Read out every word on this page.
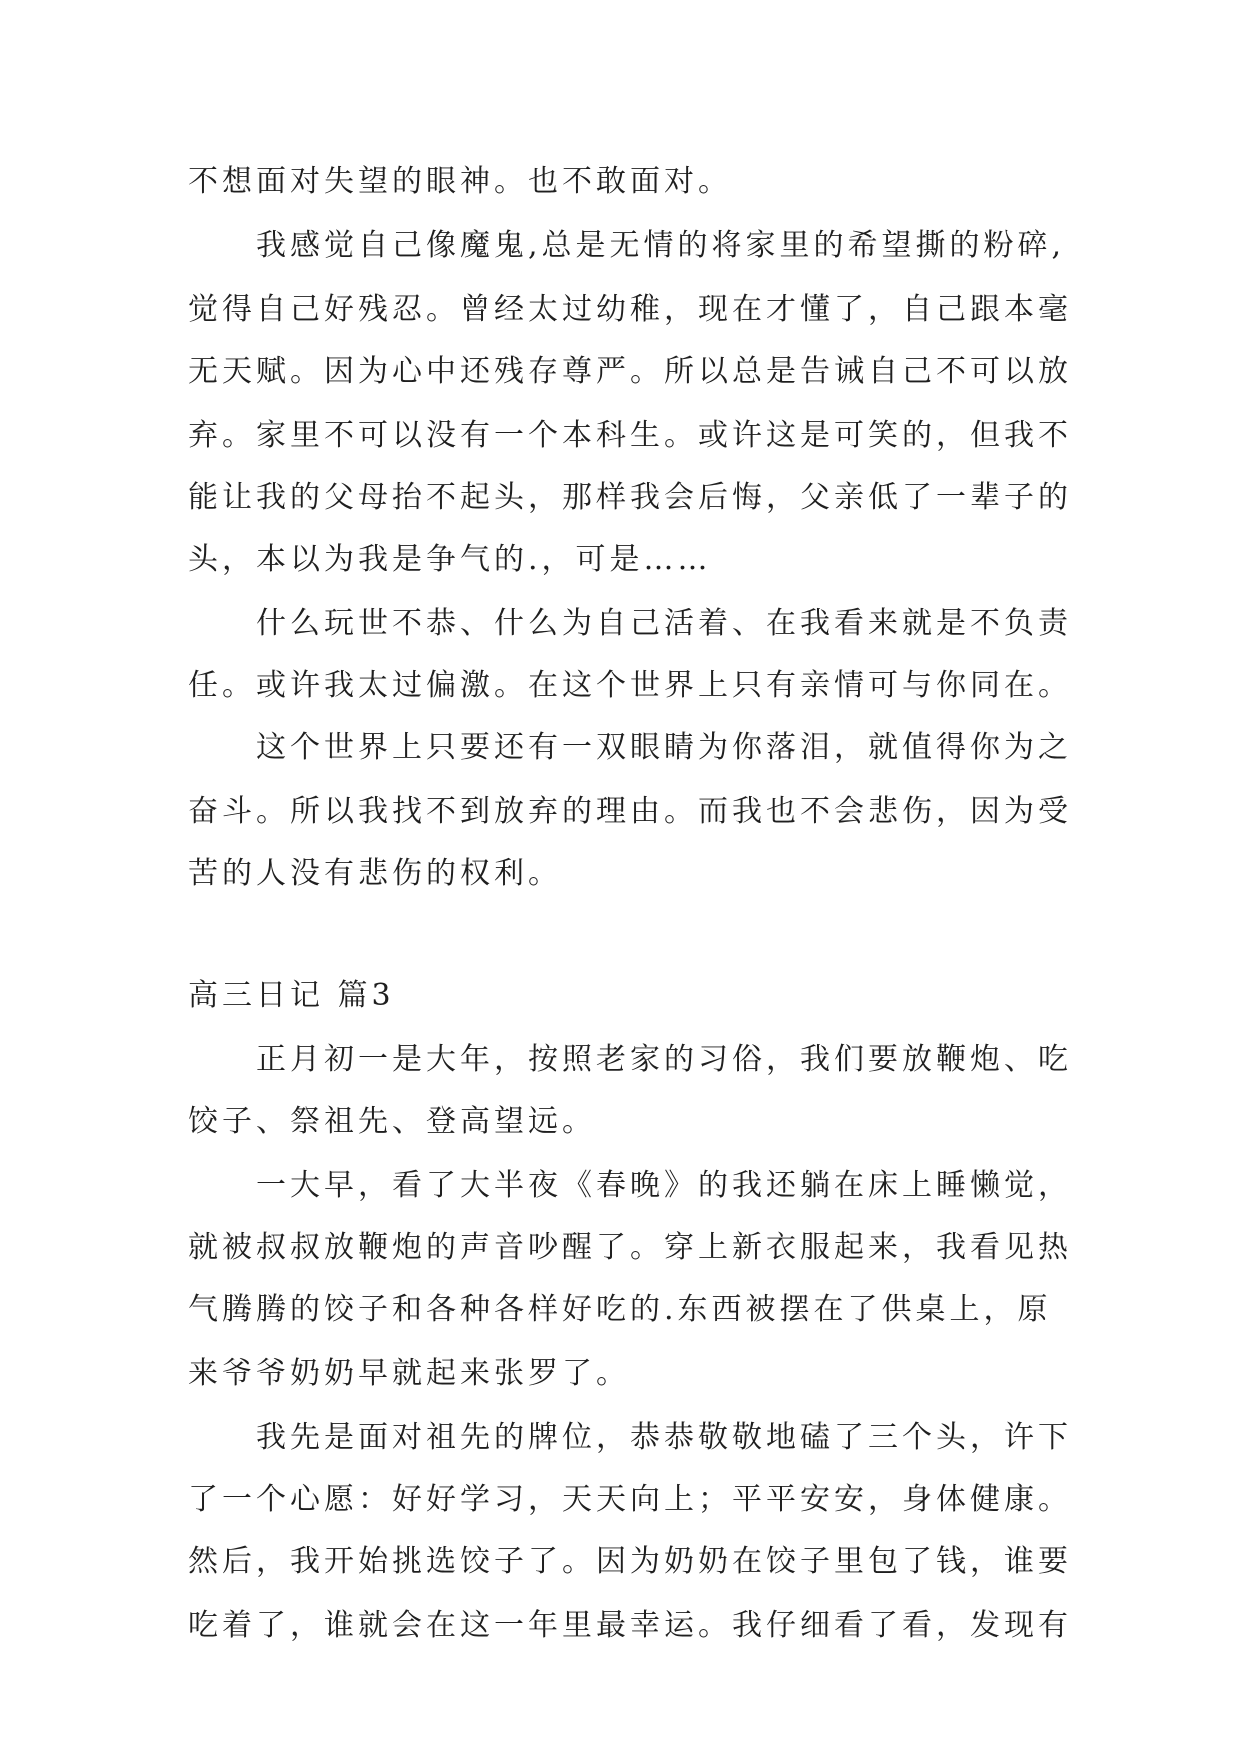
不想面对失望的眼神。也不敢面对。
我感觉自己像魔鬼,总是无情的将家里的希望撕的粉碎,
觉得自己好残忍。曾经太过幼稚，现在才懂了，自己跟本毫
无天赋。因为心中还残存尊严。所以总是告诫自己不可以放
弃。家里不可以没有一个本科生。或许这是可笑的，但我不
能让我的父母抬不起头，那样我会后悔，父亲低了一辈子的
头，本以为我是争气的.，可是……
什么玩世不恭、什么为自己活着、在我看来就是不负责
任。或许我太过偏激。在这个世界上只有亲情可与你同在。
这个世界上只要还有一双眼睛为你落泪，就值得你为之
奋斗。所以我找不到放弃的理由。而我也不会悲伤，因为受
苦的人没有悲伤的权利。
高三日记 篇3
正月初一是大年，按照老家的习俗，我们要放鞭炮、吃
饺子、祭祖先、登高望远。
一大早，看了大半夜《春晚》的我还躺在床上睡懒觉，
就被叔叔放鞭炮的声音吵醒了。穿上新衣服起来，我看见热
气腾腾的饺子和各种各样好吃的.东西被摆在了供桌上，原
来爷爷奶奶早就起来张罗了。
我先是面对祖先的牌位，恭恭敬敬地磕了三个头，许下
了一个心愿：好好学习，天天向上；平平安安，身体健康。
然后，我开始挑选饺子了。因为奶奶在饺子里包了钱，谁要
吃着了，谁就会在这一年里最幸运。我仔细看了看，发现有
